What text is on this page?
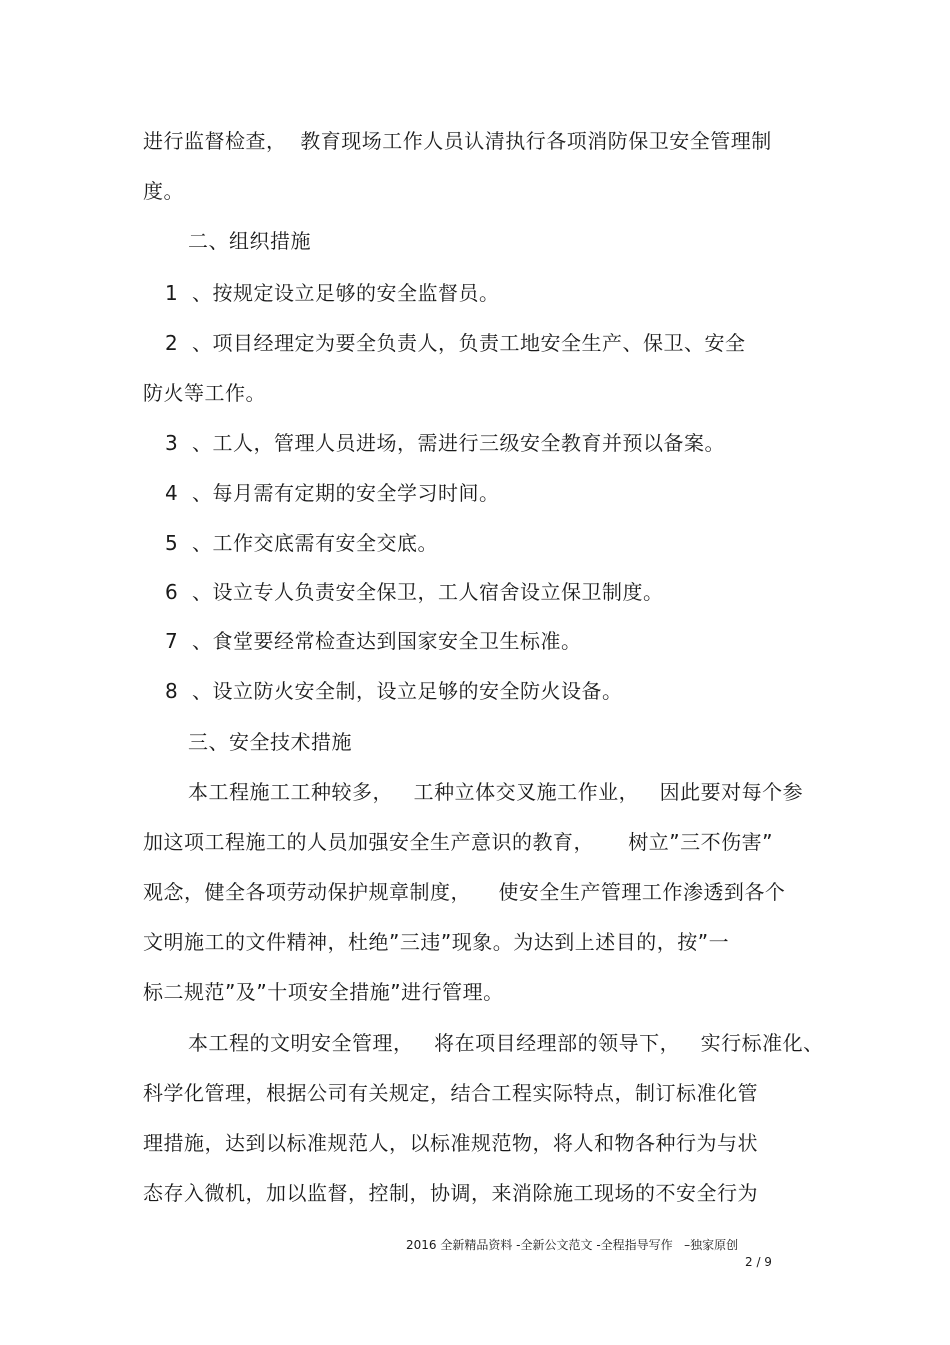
进行监督检查，  教育现场工作人员认清执行各项消防保卫安全管理制
度。
二、组织措施
1  、按规定设立足够的安全监督员。
2  、项目经理定为要全负责人，负责工地安全生产、保卫、安全
防火等工作。
3  、工人，管理人员进场，需进行三级安全教育并预以备案。
4  、每月需有定期的安全学习时间。
5  、工作交底需有安全交底。
6  、设立专人负责安全保卫，工人宿舍设立保卫制度。
7  、食堂要经常检查达到国家安全卫生标准。
8  、设立防火安全制，设立足够的安全防火设备。
三、安全技术措施
本工程施工工种较多，   工种立体交叉施工作业，   因此要对每个参
加这项工程施工的人员加强安全生产意识的教育，     树立”三不伤害”
观念，健全各项劳动保护规章制度，    使安全生产管理工作渗透到各个
文明施工的文件精神，杜绝”三违”现象。为达到上述目的，按”一
标二规范”及”十项安全措施”进行管理。
本工程的文明安全管理，   将在项目经理部的领导下，   实行标准化、
科学化管理，根据公司有关规定，结合工程实际特点，制订标准化管
理措施，达到以标准规范人，以标准规范物，将人和物各种行为与状
态存入微机，加以监督，控制，协调，来消除施工现场的不安全行为
2016 全新精品资料 -全新公文范文 -全程指导写作   –独家原创
2 / 9
